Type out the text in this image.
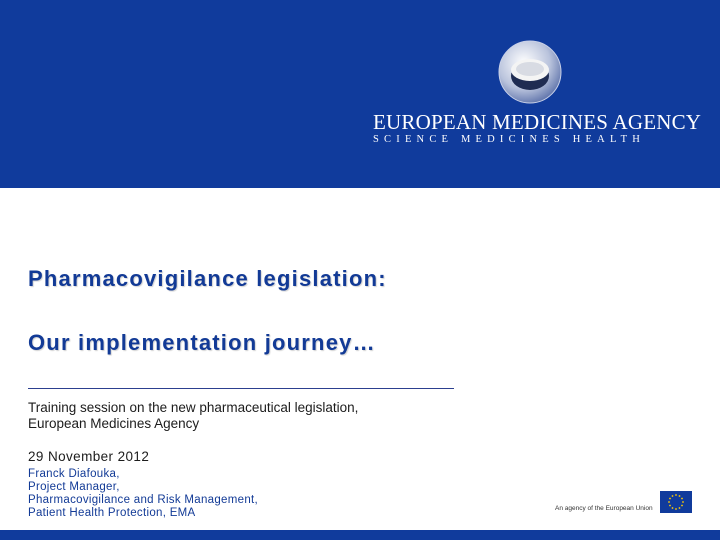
EUROPEAN MEDICINES AGENCY
SCIENCE MEDICINES HEALTH
Pharmacovigilance legislation:
Our implementation journey…
Training session on the new pharmaceutical legislation,
European Medicines Agency
29 November 2012
Franck Diafouka,
Project Manager,
Pharmacovigilance and Risk Management,
Patient Health Protection, EMA	An agency of the European Union
